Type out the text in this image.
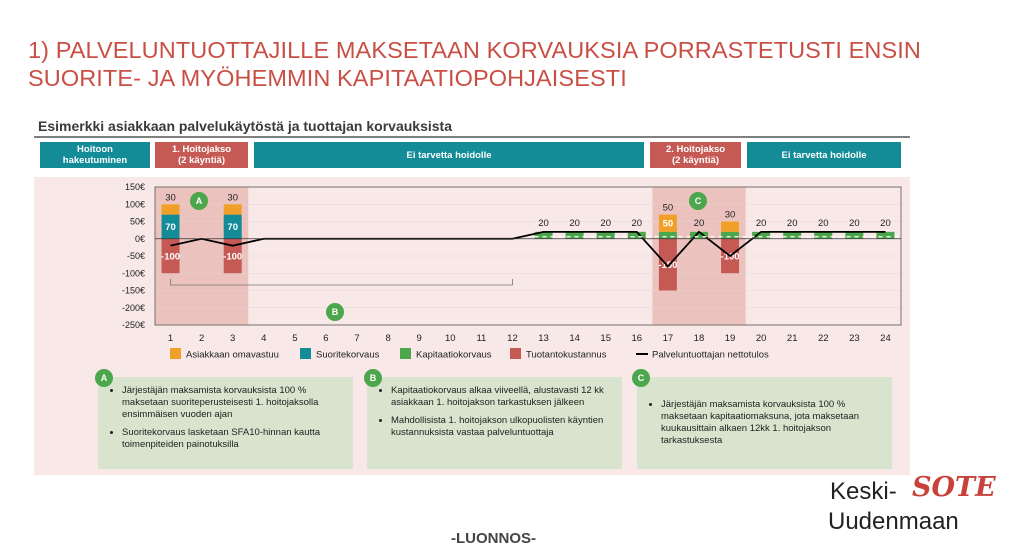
1) PALVELUNTUOTTAJILLE MAKSETAAN KORVAUKSIA PORRASTETUSTI ENSIN
SUORITE- JA MYÖHEMMIN KAPITAATIOPOHJAISESTI
Esimerkki asiakkaan palvelukäytöstä ja tuottajan korvauksista
Hoitoon
hakeutuminen
1. Hoitojakso
(2 käyntiä)	Ei tarvetta hoidolle	2. Hoitojakso
(2 käyntiä)	Ei tarvetta hoidolle
70
30
-100
70
30
-100
20 20 20 20 50
50
-150
20
30
-100
20 20 20 20 20
150€
100€
50€
0€
-50€
-100€
-150€
-200€
-250€
1	2	3	4	5	6	7	8	9 10 11 12 13 14 15 16 17 18 19 20 21 22 23 24
Asiakkaan omavastuu	Suoritekorvaus	Kapitaatiokorvaus	Tuotantokustannus	Palveluntuottajan nettotulos
A
B
C
• Järjestäjän maksamista korvauksista 100 % maksetaan suoriteperusteisesti 1. hoitojaksolla ensimmäisen vuoden ajan
• Suoritekorvaus lasketaan SFA10-hinnan kautta toimenpiteiden painotuksilla
A
• Kapitaatiokorvaus alkaa viiveellä, alustavasti 12 kk asiakkaan 1. hoitojakson tarkastuksen jälkeen
• Mahdollisista 1. hoitojakson ulkopuolisten käyntien kustannuksista vastaa palveluntuottaja
B
• Järjestäjän maksamista korvauksista 100 % maksetaan kapitaatiomaksuna, jota maksetaan kuukausittain alkaen 12kk 1. hoitojakson tarkastuksesta
C
Keski- SOTE
Uudenmaan
-LUONNOS-
